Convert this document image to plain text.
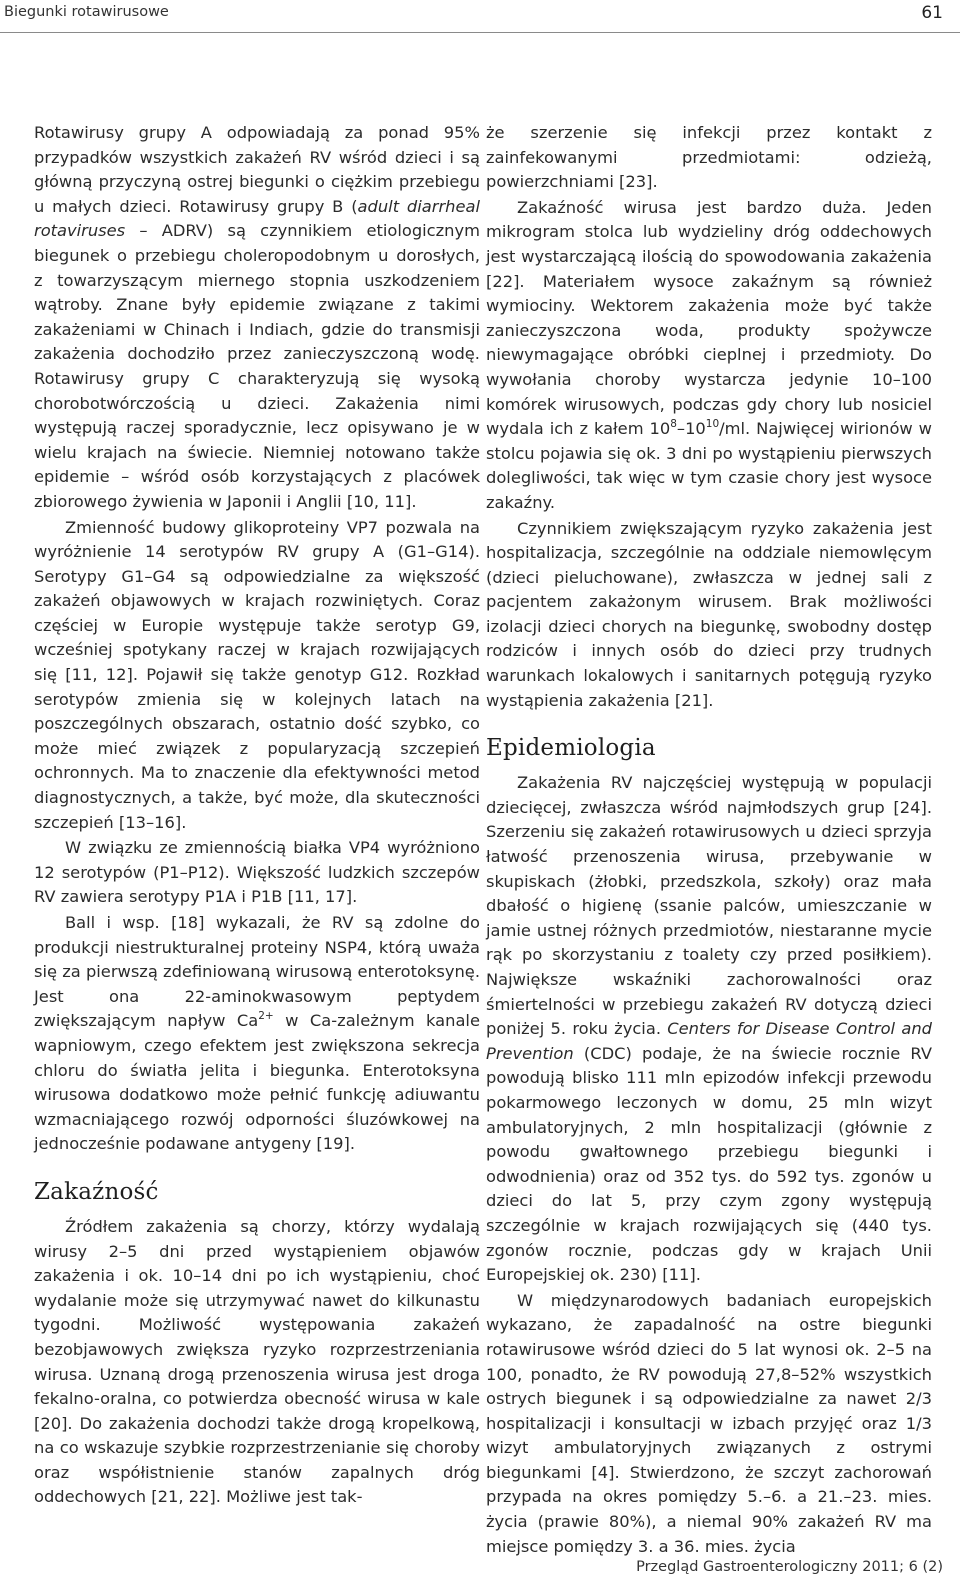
Biegunki rotawirusowe	61

Rotawirusy grupy A odpowiadają za ponad 95% przypadków wszystkich zakażeń RV wśród dzieci i są główną przyczyną ostrej biegunki o ciężkim przebiegu u małych dzieci. Rotawirusy grupy B (adult diarrheal rotaviruses – ADRV) są czynnikiem etiologicznym biegunek o przebiegu choleropodobnym u dorosłych, z towarzyszącym miernego stopnia uszkodzeniem wątroby. Znane były epidemie związane z takimi zakażeniami w Chinach i Indiach, gdzie do transmisji zakażenia dochodziło przez zanieczyszczoną wodę. Rotawirusy grupy C charakteryzują się wysoką chorobotwórczością u dzieci. Zakażenia nimi występują raczej sporadycznie, lecz opisywano je w wielu krajach na świecie. Niemniej notowano także epidemie – wśród osób korzystających z placówek zbiorowego żywienia w Japonii i Anglii [10, 11].

Zmienność budowy glikoproteiny VP7 pozwala na wyróżnienie 14 serotypów RV grupy A (G1–G14). Serotypy G1–G4 są odpowiedzialne za większość zakażeń objawowych w krajach rozwiniętych. Coraz częściej w Europie występuje także serotyp G9, wcześniej spotykany raczej w krajach rozwijających się [11, 12]. Pojawił się także genotyp G12. Rozkład serotypów zmienia się w kolejnych latach na poszczególnych obszarach, ostatnio dość szybko, co może mieć związek z popularyzacją szczepień ochronnych. Ma to znaczenie dla efektywności metod diagnostycznych, a także, być może, dla skuteczności szczepień [13–16].

W związku ze zmiennością białka VP4 wyróżniono 12 serotypów (P1–P12). Większość ludzkich szczepów RV zawiera serotypy P1A i P1B [11, 17].

Ball i wsp. [18] wykazali, że RV są zdolne do produkcji niestrukturalnej proteiny NSP4, którą uważa się za pierwszą zdefiniowaną wirusową enterotoksynę. Jest ona 22-aminokwasowym peptydem zwiększającym napływ $Ca^{2+}$ w Ca-zależnym kanale wapniowym, czego efektem jest zwiększona sekrecja chloru do światła jelita i biegunka. Enterotoksyna wirusowa dodatkowo może pełnić funkcję adiuwantu wzmacniającego rozwój odporności śluzówkowej na jednocześnie podawane antygeny [19].

Zakaźność

Źródłem zakażenia są chorzy, którzy wydalają wirusy 2–5 dni przed wystąpieniem objawów zakażenia i ok. 10–14 dni po ich wystąpieniu, choć wydalanie może się utrzymywać nawet do kilkunastu tygodni. Możliwość występowania zakażeń bezobjawowych zwiększa ryzyko rozprzestrzeniania wirusa. Uznaną drogą przenoszenia wirusa jest droga fekalno-oralna, co potwierdza obecność wirusa w kale [20]. Do zakażenia dochodzi także drogą kropelkową, na co wskazuje szybkie rozprzestrzenianie się choroby oraz współistnienie stanów zapalnych dróg oddechowych [21, 22]. Możliwe jest tak-

że szerzenie się infekcji przez kontakt z zainfekowanymi przedmiotami: odzieżą, powierzchniami [23].

Zakaźność wirusa jest bardzo duża. Jeden mikrogram stolca lub wydzieliny dróg oddechowych jest wystarczającą ilością do spowodowania zakażenia [22]. Materiałem wysoce zakaźnym są również wymiociny. Wektorem zakażenia może być także zanieczyszczona woda, produkty spożywcze niewymagające obróbki cieplnej i przedmioty. Do wywołania choroby wystarcza jedynie 10–100 komórek wirusowych, podczas gdy chory lub nosiciel wydala ich z kałem $10^8-10^{10}/ml$. Najwięcej wirionów w stolcu pojawia się ok. 3 dni po wystąpieniu pierwszych dolegliwości, tak więc w tym czasie chory jest wysoce zakaźny.

Czynnikiem zwiększającym ryzyko zakażenia jest hospitalizacja, szczególnie na oddziale niemowlęcym (dzieci pieluchowane), zwłaszcza w jednej sali z pacjentem zakażonym wirusem. Brak możliwości izolacji dzieci chorych na biegunkę, swobodny dostęp rodziców i innych osób do dzieci przy trudnych warunkach lokalowych i sanitarnych potęgują ryzyko wystąpienia zakażenia [21].

Epidemiologia

Zakażenia RV najczęściej występują w populacji dziecięcej, zwłaszcza wśród najmłodszych grup [24]. Szerzeniu się zakażeń rotawirusowych u dzieci sprzyja łatwość przenoszenia wirusa, przebywanie w skupiskach (żłobki, przedszkola, szkoły) oraz mała dbałość o higienę (ssanie palców, umieszczanie w jamie ustnej różnych przedmiotów, niestaranne mycie rąk po skorzystaniu z toalety czy przed posiłkiem). Największe wskaźniki zachorowalności oraz śmiertelności w przebiegu zakażeń RV dotyczą dzieci poniżej 5. roku życia. Centers for Disease Control and Prevention (CDC) podaje, że na świecie rocznie RV powodują blisko 111 mln epizodów infekcji przewodu pokarmowego leczonych w domu, 25 mln wizyt ambulatoryjnych, 2 mln hospitalizacji (głównie z powodu gwałtownego przebiegu biegunki i odwodnienia) oraz od 352 tys. do 592 tys. zgonów u dzieci do lat 5, przy czym zgony występują szczególnie w krajach rozwijających się (440 tys. zgonów rocznie, podczas gdy w krajach Unii Europejskiej ok. 230) [11].

W międzynarodowych badaniach europejskich wykazano, że zapadalność na ostre biegunki rotawirusowe wśród dzieci do 5 lat wynosi ok. 2–5 na 100, ponadto, że RV powodują 27,8–52% wszystkich ostrych biegunek i są odpowiedzialne za nawet 2/3 hospitalizacji i konsultacji w izbach przyjęć oraz 1/3 wizyt ambulatoryjnych związanych z ostrymi biegunkami [4]. Stwierdzono, że szczyt zachorowań przypada na okres pomiędzy 5.–6. a 21.–23. mies. życia (prawie 80%), a niemal 90% zakażeń RV ma miejsce pomiędzy 3. a 36. mies. życia

Przegląd Gastroenterologiczny 2011; 6 (2)
